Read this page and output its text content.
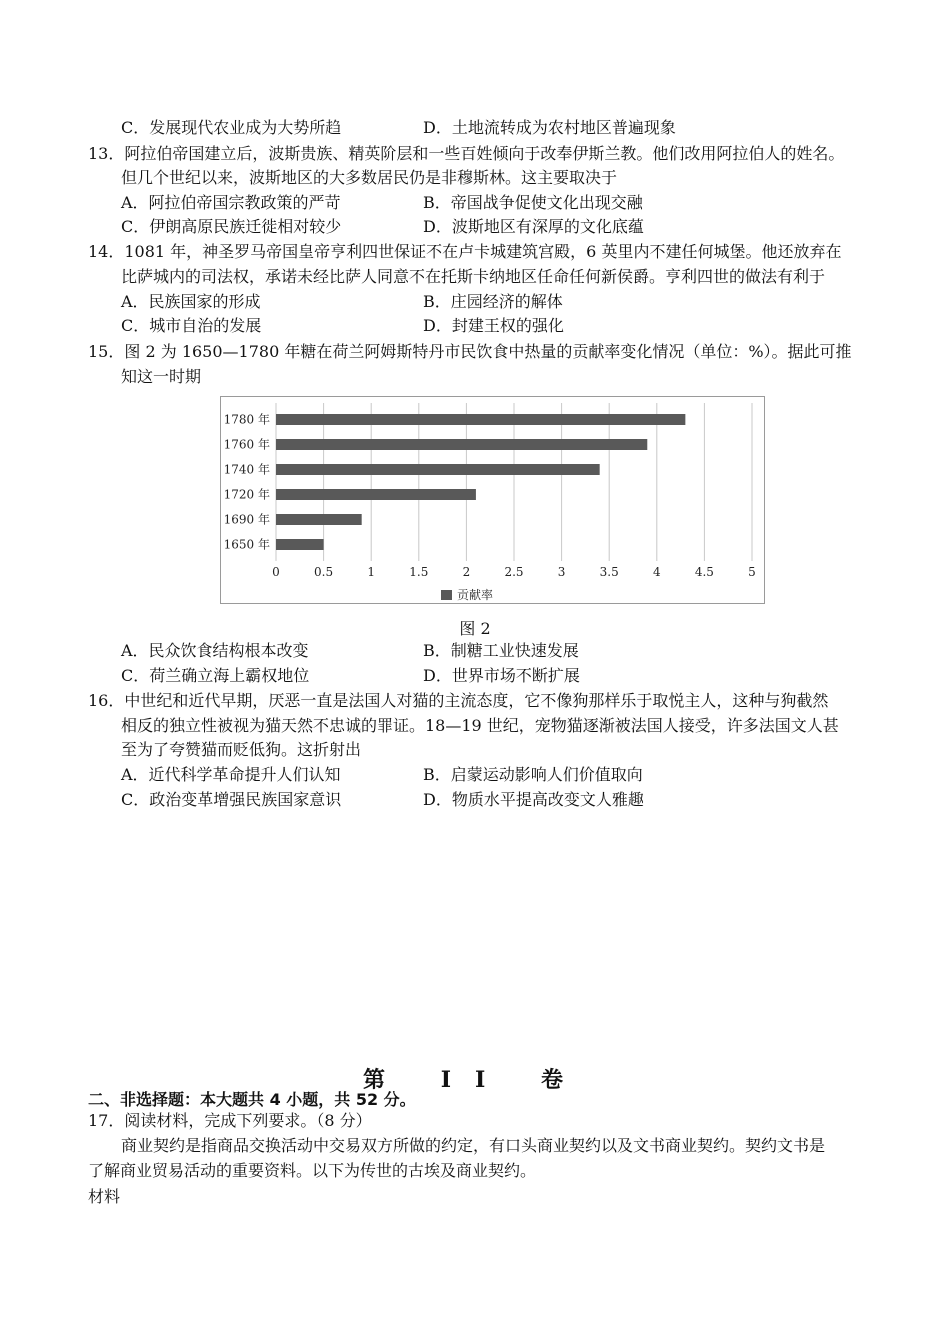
C．发展现代农业成为大势所趋	D．土地流转成为农村地区普遍现象
13．阿拉伯帝国建立后，波斯贵族、精英阶层和一些百姓倾向于改奉伊斯兰教。他们改用阿拉伯人的姓名。
但几个世纪以来，波斯地区的大多数居民仍是非穆斯林。这主要取决于
A．阿拉伯帝国宗教政策的严苛	B．帝国战争促使文化出现交融
C．伊朗高原民族迁徙相对较少	D．波斯地区有深厚的文化底蕴
14．1081 年，神圣罗马帝国皇帝亨利四世保证不在卢卡城建筑宫殿，6 英里内不建任何城堡。他还放弃在
比萨城内的司法权，承诺未经比萨人同意不在托斯卡纳地区任命任何新侯爵。亨利四世的做法有利于
A．民族国家的形成	B．庄园经济的解体
C．城市自治的发展	D．封建王权的强化
15．图 2 为 1650—1780 年糖在荷兰阿姆斯特丹市民饮食中热量的贡献率变化情况（单位：%）。据此可推
知这一时期
0	0.5	1	1.5	2	2.5	3	3.5	4	4.5	5
1780 年
1760 年
1740 年
1720 年
1690 年
1650 年
贡献率
图 2
A．民众饮食结构根本改变	B．制糖工业快速发展
C．荷兰确立海上霸权地位	D．世界市场不断扩展
16．中世纪和近代早期，厌恶一直是法国人对猫的主流态度，它不像狗那样乐于取悦主人，这种与狗截然
相反的独立性被视为猫天然不忠诚的罪证。18—19 世纪，宠物猫逐渐被法国人接受，许多法国文人甚
至为了夸赞猫而贬低狗。这折射出
A．近代科学革命提升人们认知	B．启蒙运动影响人们价值取向
C．政治变革增强民族国家意识	D．物质水平提高改变文人雅趣
第 II 卷
二、非选择题：本大题共 4 小题，共 52 分。
17．阅读材料，完成下列要求。（8 分）
商业契约是指商品交换活动中交易双方所做的约定，有口头商业契约以及文书商业契约。契约文书是
了解商业贸易活动的重要资料。以下为传世的古埃及商业契约。
材料
